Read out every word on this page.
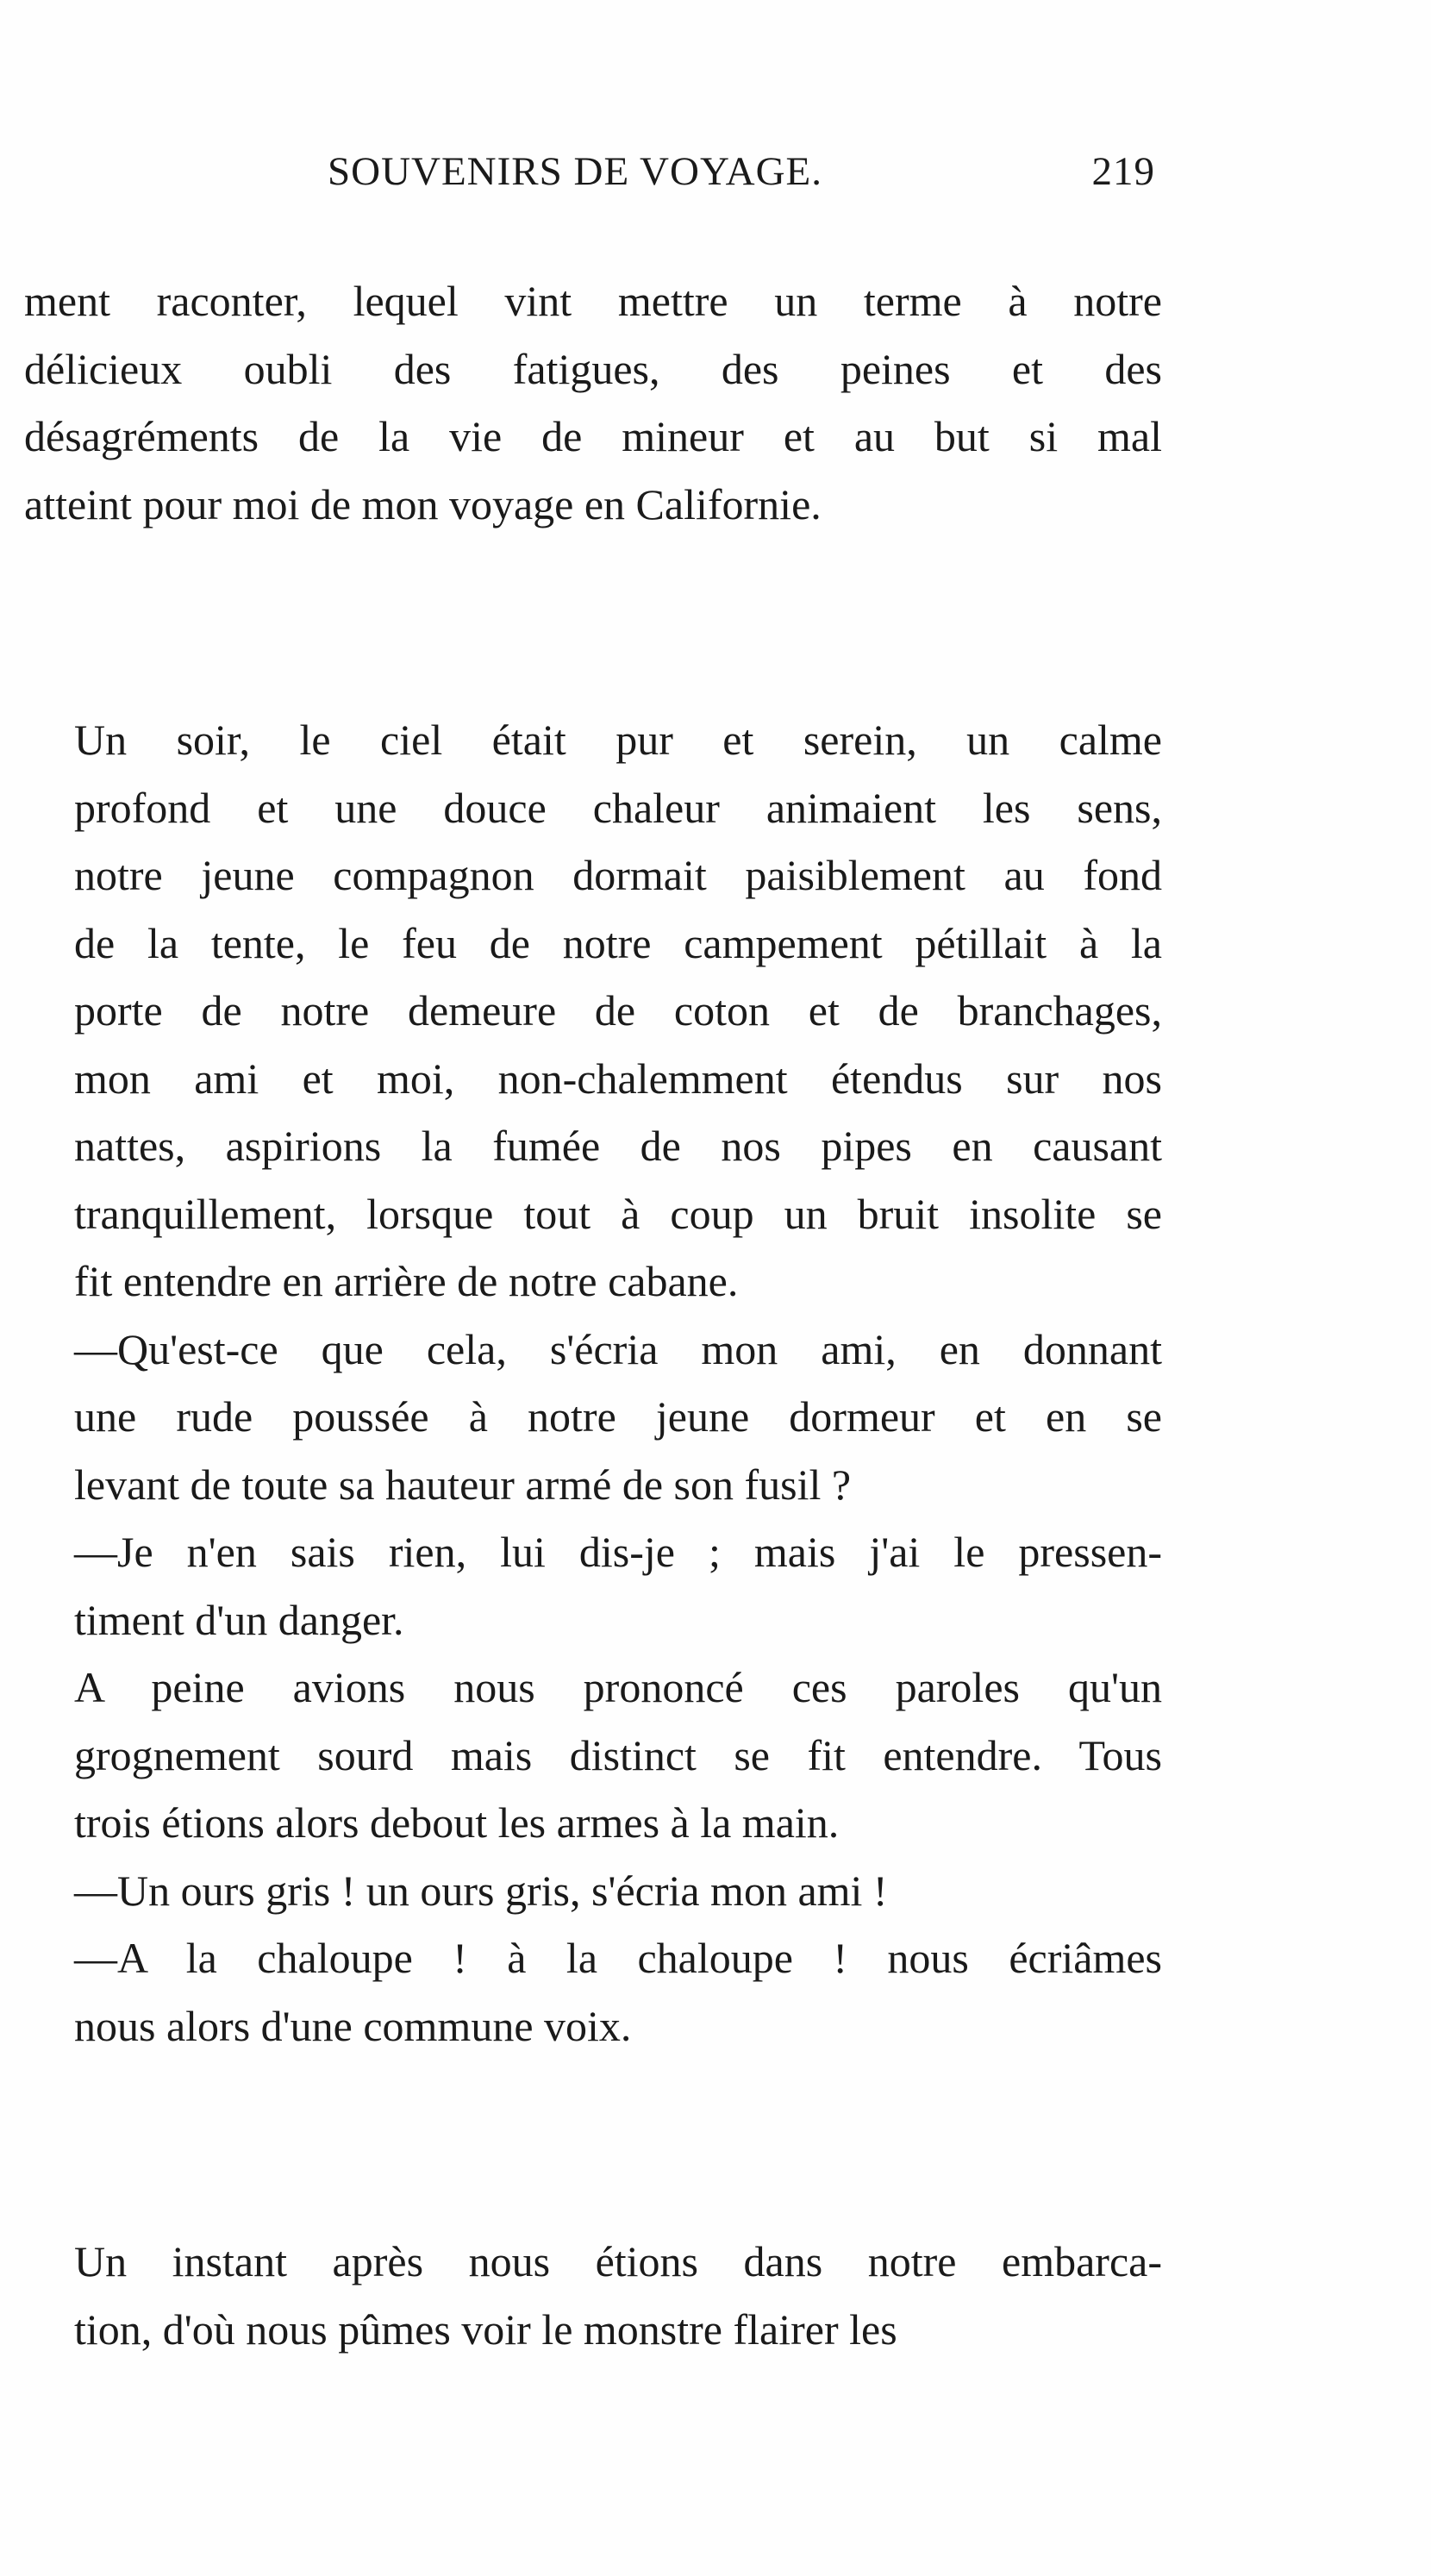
SOUVENIRS DE VOYAGE.	219
ment raconter, lequel vint mettre un terme à notre
délicieux oubli des fatigues, des peines et des
désagréments de la vie de mineur et au but si mal
atteint pour moi de mon voyage en Californie.
Un soir, le ciel était pur et serein, un calme
profond et une douce chaleur animaient les sens,
notre jeune compagnon dormait paisiblement au fond
de la tente, le feu de notre campement pétillait à la
porte de notre demeure de coton et de branchages,
mon ami et moi, non-chalemment étendus sur nos
nattes, aspirions la fumée de nos pipes en causant
tranquillement, lorsque tout à coup un bruit insolite se
fit entendre en arrière de notre cabane.
—Qu'est-ce que cela, s'écria mon ami, en donnant
une rude poussée à notre jeune dormeur et en se
levant de toute sa hauteur armé de son fusil ?
—Je n'en sais rien, lui dis-je ; mais j'ai le pressen-
timent d'un danger.
A peine avions nous prononcé ces paroles qu'un
grognement sourd mais distinct se fit entendre. Tous
trois étions alors debout les armes à la main.
—Un ours gris ! un ours gris, s'écria mon ami !
—A la chaloupe ! à la chaloupe ! nous écriâmes
nous alors d'une commune voix.
Un instant après nous étions dans notre embarca-
tion, d'où nous pûmes voir le monstre flairer les
